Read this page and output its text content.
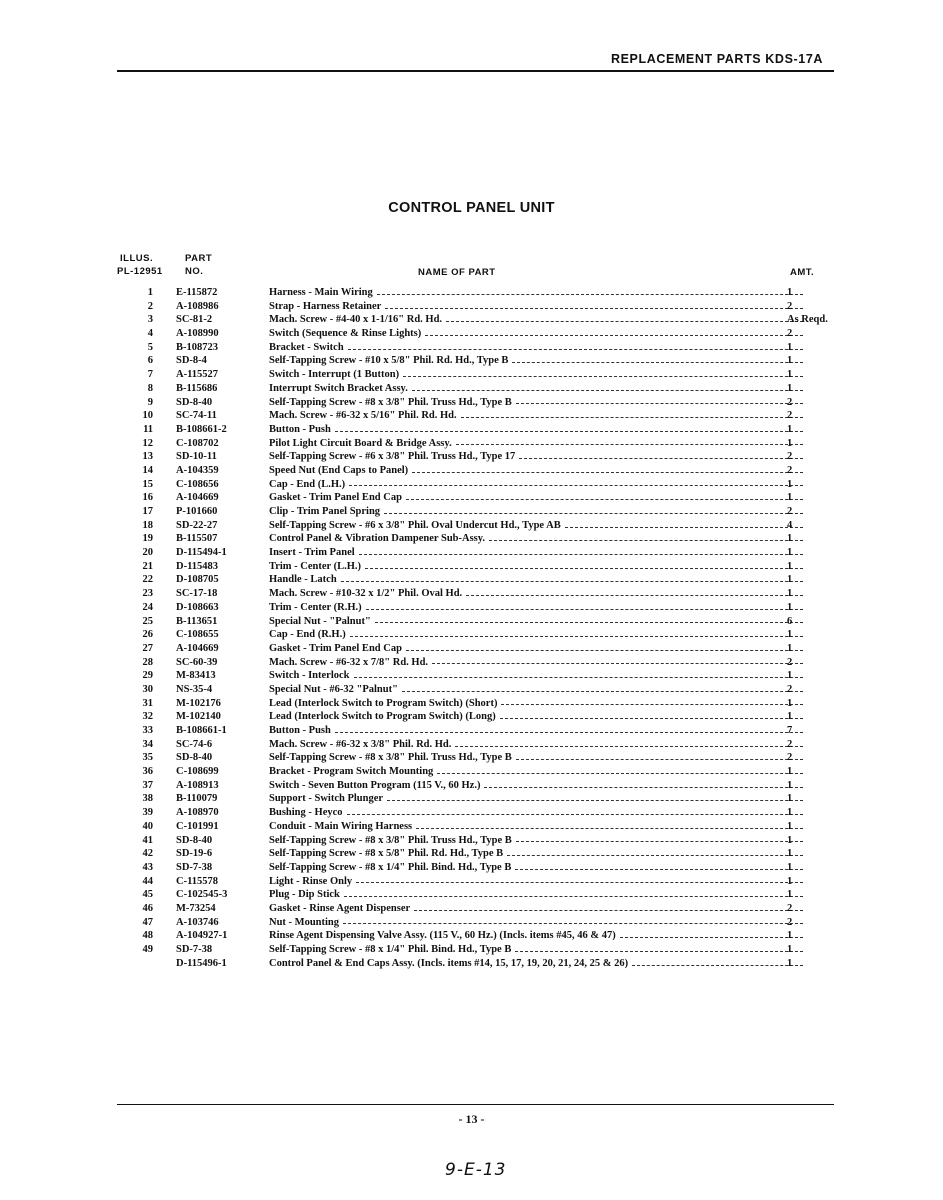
REPLACEMENT PARTS KDS-17A
CONTROL PANEL UNIT
ILLUS.
PL-12951
PART
NO.	NAME OF PART	AMT.
1 E-115872	Harness - Main Wiring	1
2 A-108986	Strap - Harness Retainer	2
3 SC-81-2	Mach. Screw - #4-40 x 1-1/16" Rd. Hd.	As Reqd.
4 A-108990	Switch (Sequence & Rinse Lights)	2
5 B-108723	Bracket - Switch	1
6 SD-8-4	Self-Tapping Screw - #10 x 5/8" Phil. Rd. Hd., Type B	1
7 A-115527	Switch - Interrupt (1 Button)	1
8 B-115686	Interrupt Switch Bracket Assy.	1
9 SD-8-40	Self-Tapping Screw - #8 x 3/8" Phil. Truss Hd., Type B	2
10 SC-74-11	Mach. Screw - #6-32 x 5/16" Phil. Rd. Hd.	2
11 B-108661-2	Button - Push	1
12 C-108702	Pilot Light Circuit Board & Bridge Assy.	1
13 SD-10-11	Self-Tapping Screw - #6 x 3/8" Phil. Truss Hd., Type 17	2
14 A-104359	Speed Nut (End Caps to Panel)	2
15 C-108656	Cap - End (L.H.)	1
16 A-104669	Gasket - Trim Panel End Cap	1
17 P-101660	Clip - Trim Panel Spring	2
18 SD-22-27	Self-Tapping Screw - #6 x 3/8" Phil. Oval Undercut Hd., Type AB	4
19 B-115507	Control Panel & Vibration Dampener Sub-Assy.	1
20 D-115494-1	Insert - Trim Panel	1
21 D-115483	Trim - Center (L.H.)	1
22 D-108705	Handle - Latch	1
23 SC-17-18	Mach. Screw - #10-32 x 1/2" Phil. Oval Hd.	1
24 D-108663	Trim - Center (R.H.)	1
25 B-113651	Special Nut - "Palnut"	6
26 C-108655	Cap - End (R.H.)	1
27 A-104669	Gasket - Trim Panel End Cap	1
28 SC-60-39	Mach. Screw - #6-32 x 7/8" Rd. Hd.	2
29 M-83413	Switch - Interlock	1
30 NS-35-4	Special Nut - #6-32 "Palnut"	2
31 M-102176	Lead (Interlock Switch to Program Switch) (Short)	1
32 M-102140	Lead (Interlock Switch to Program Switch) (Long)	1
33 B-108661-1	Button - Push	7
34 SC-74-6	Mach. Screw - #6-32 x 3/8" Phil. Rd. Hd.	2
35 SD-8-40	Self-Tapping Screw - #8 x 3/8" Phil. Truss Hd., Type B	2
36 C-108699	Bracket - Program Switch Mounting	1
37 A-108913	Switch - Seven Button Program (115 V., 60 Hz.)	1
38 B-110079	Support - Switch Plunger	1
39 A-108970	Bushing - Heyco	1
40 C-101991	Conduit - Main Wiring Harness	1
41 SD-8-40	Self-Tapping Screw - #8 x 3/8" Phil. Truss Hd., Type B	1
42 SD-19-6	Self-Tapping Screw - #8 x 5/8" Phil. Rd. Hd., Type B	1
43 SD-7-38	Self-Tapping Screw - #8 x 1/4" Phil. Bind. Hd., Type B	1
44 C-115578	Light - Rinse Only	1
45 C-102545-3	Plug - Dip Stick	1
46 M-73254	Gasket - Rinse Agent Dispenser	2
47 A-103746	Nut - Mounting	2
48 A-104927-1	Rinse Agent Dispensing Valve Assy. (115 V., 60 Hz.) (Incls. items #45, 46 & 47)	1
49 SD-7-38	Self-Tapping Screw - #8 x 1/4" Phil. Bind. Hd., Type B	1
D-115496-1	Control Panel & End Caps Assy. (Incls. items #14, 15, 17, 19, 20, 21, 24, 25 & 26)	1
- 13 -
9-E-13
